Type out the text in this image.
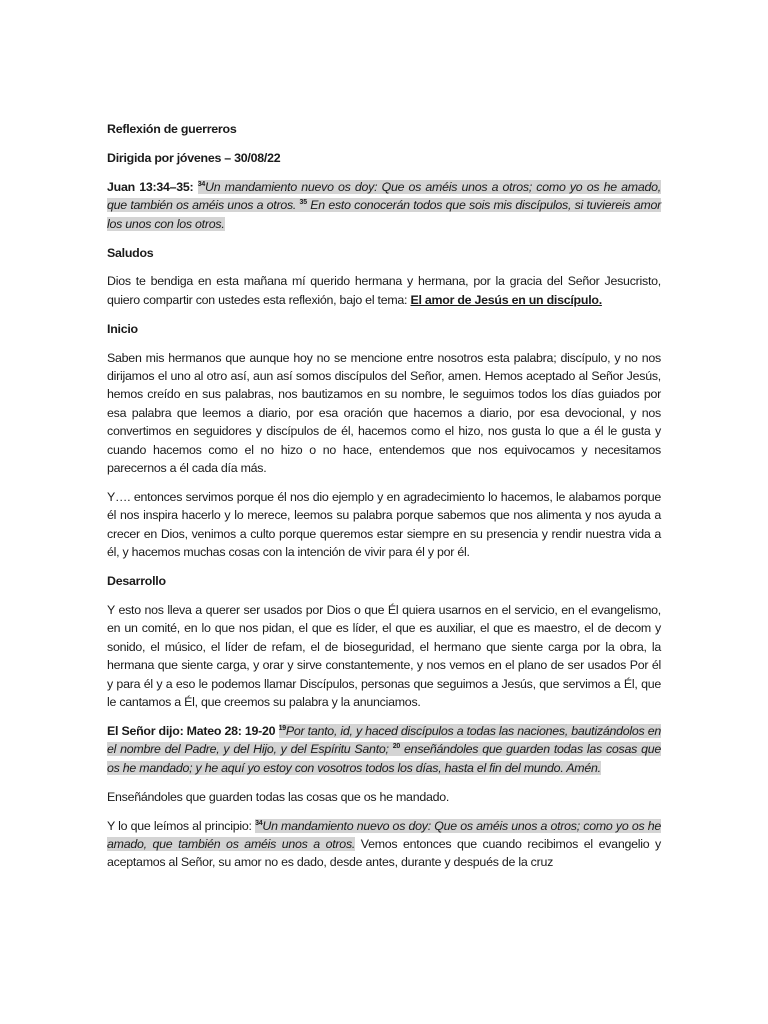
Reflexión de guerreros

Dirigida por jóvenes – 30/08/22

Juan 13:34–35: $^{34}$Un mandamiento nuevo os doy: Que os améis unos a otros; como yo os he amado, que también os améis unos a otros. $^{35}$ En esto conocerán todos que sois mis discípulos, si tuviereis amor los unos con los otros.

Saludos

Dios te bendiga en esta mañana mí querido hermana y hermana, por la gracia del Señor Jesucristo, quiero compartir con ustedes esta reflexión, bajo el tema: El amor de Jesús en un discípulo.

Inicio

Saben mis hermanos que aunque hoy no se mencione entre nosotros esta palabra; discípulo, y no nos dirijamos el uno al otro así, aun así somos discípulos del Señor, amen. Hemos aceptado al Señor Jesús, hemos creído en sus palabras, nos bautizamos en su nombre, le seguimos todos los días guiados por esa palabra que leemos a diario, por esa oración que hacemos a diario, por esa devocional, y nos convertimos en seguidores y discípulos de él, hacemos como el hizo, nos gusta lo que a él le gusta y cuando hacemos como el no hizo o no hace, entendemos que nos equivocamos y necesitamos parecernos a él cada día más.

Y…. entonces servimos porque él nos dio ejemplo y en agradecimiento lo hacemos, le alabamos porque él nos inspira hacerlo y lo merece, leemos su palabra porque sabemos que nos alimenta y nos ayuda a crecer en Dios, venimos a culto porque queremos estar siempre en su presencia y rendir nuestra vida a él, y hacemos muchas cosas con la intención de vivir para él y por él.

Desarrollo

Y esto nos lleva a querer ser usados por Dios o que Él quiera usarnos en el servicio, en el evangelismo, en un comité, en lo que nos pidan, el que es líder, el que es auxiliar, el que es maestro, el de decom y sonido, el músico, el líder de refam, el de bioseguridad, el hermano que siente carga por la obra, la hermana que siente carga, y orar y sirve constantemente, y nos vemos en el plano de ser usados Por él y para él y a eso le podemos llamar Discípulos, personas que seguimos a Jesús, que servimos a Él, que le cantamos a Él, que creemos su palabra y la anunciamos.

El Señor dijo: Mateo 28: 19-20 $^{19}$Por tanto, id, y haced discípulos a todas las naciones, bautizándolos en el nombre del Padre, y del Hijo, y del Espíritu Santo; $^{20}$ enseñándoles que guarden todas las cosas que os he mandado; y he aquí yo estoy con vosotros todos los días, hasta el fin del mundo. Amén.

Enseñándoles que guarden todas las cosas que os he mandado.

Y lo que leímos al principio: $^{34}$Un mandamiento nuevo os doy: Que os améis unos a otros; como yo os he amado, que también os améis unos a otros. Vemos entonces que cuando recibimos el evangelio y aceptamos al Señor, su amor no es dado, desde antes, durante y después de la cruz
